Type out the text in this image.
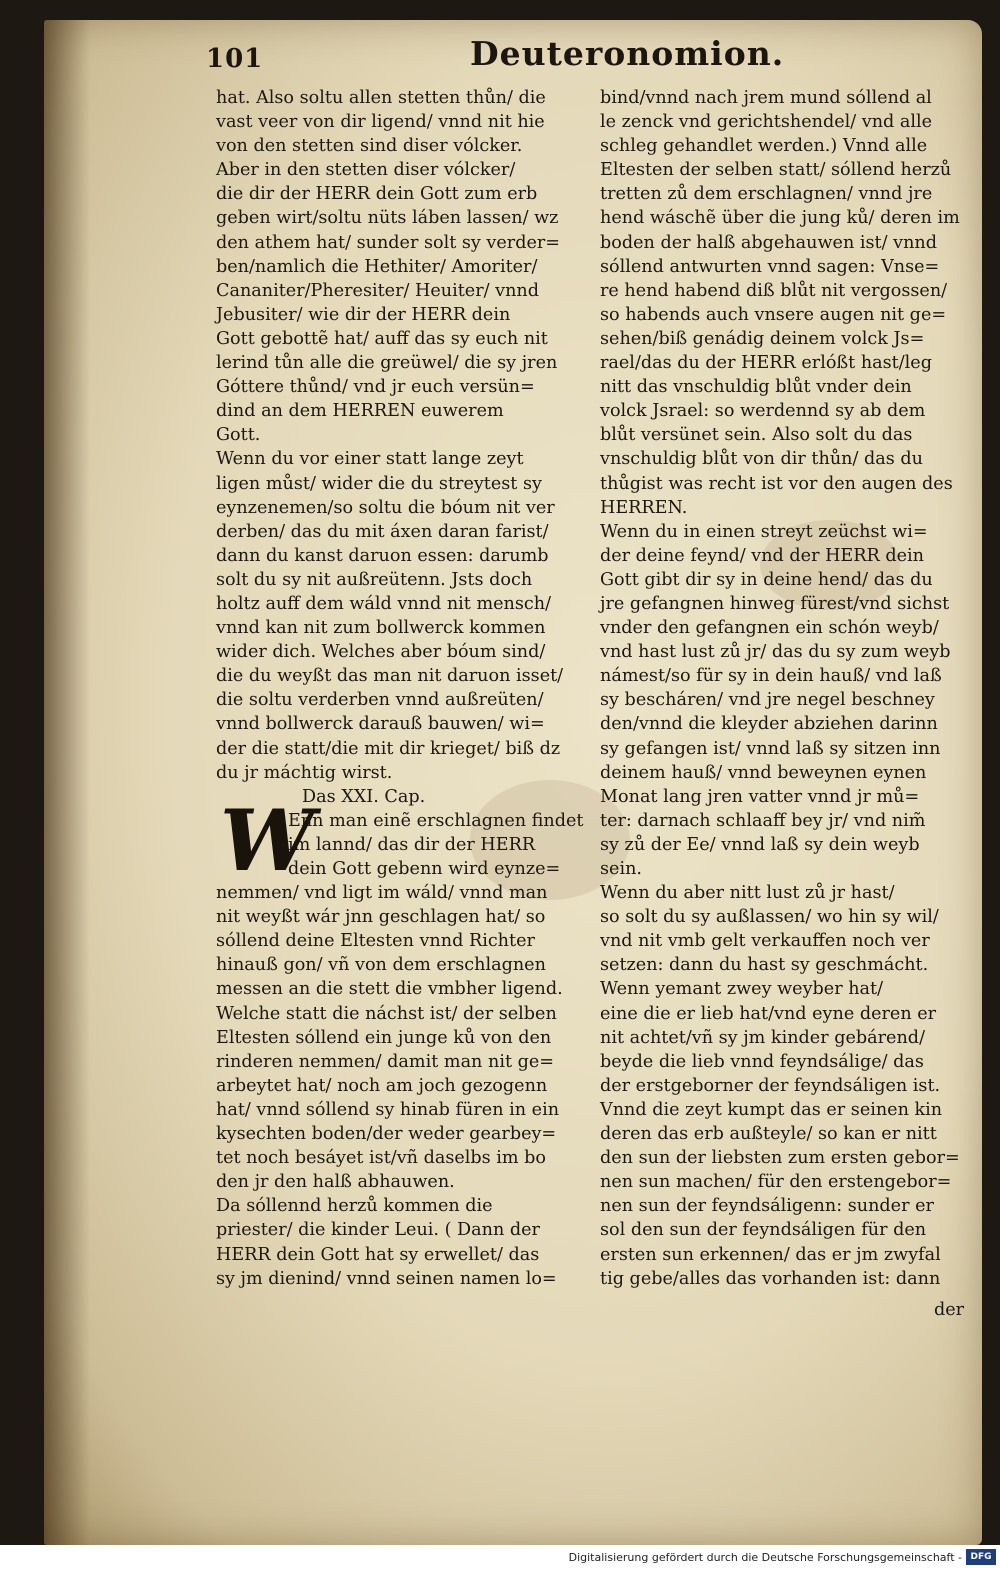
101	Deuteronomion.
hat. Also soltu allen stetten thůn/ die
vast veer von dir ligend/ vnnd nit hie
von den stetten sind diser vólcker.
Aber in den stetten diser vólcker/
die dir der HERR dein Gott zum erb
geben wirt/soltu nüts láben lassen/ wz
den athem hat/ sunder solt sy verder=
ben/namlich die Hethiter/ Amoriter/
Cananiter/Pheresiter/ Heuiter/ vnnd
Jebusiter/ wie dir der HERR dein
Gott gebottẽ hat/ auff das sy euch nit
lerind tůn alle die greüwel/ die sy jren
Góttere thůnd/ vnd jr euch versün=
dind an dem HERREN euwerem
Gott.
Wenn du vor einer statt lange zeyt
ligen můst/ wider die du streytest sy
eynzenemen/so soltu die bóum nit ver
derben/ das du mit áxen daran farist/
dann du kanst daruon essen: darumb
solt du sy nit außreütenn. Jsts doch
holtz auff dem wáld vnnd nit mensch/
vnnd kan nit zum bollwerck kommen
wider dich. Welches aber bóum sind/
die du weyßt das man nit daruon isset/
die soltu verderben vnnd außreüten/
vnnd bollwerck darauß bauwen/ wi=
der die statt/die mit dir krieget/ biß dz
du jr máchtig wirst.
Das XXI. Cap.
Enn man einẽ erschlagnen findet
im lannd/ das dir der HERR
dein Gott gebenn wird eynze=
nemmen/ vnd ligt im wáld/ vnnd man
nit weyßt wár jnn geschlagen hat/ so
sóllend deine Eltesten vnnd Richter
hinauß gon/ vñ von dem erschlagnen
messen an die stett die vmbher ligend.
Welche statt die náchst ist/ der selben
Eltesten sóllend ein junge ků von den
rinderen nemmen/ damit man nit ge=
arbeytet hat/ noch am joch gezogenn
hat/ vnnd sóllend sy hinab füren in ein
kysechten boden/der weder gearbey=
tet noch besáyet ist/vñ daselbs im bo
den jr den halß abhauwen.
Da sóllennd herzů kommen die
priester/ die kinder Leui. ( Dann der
HERR dein Gott hat sy erwellet/ das
sy jm dienind/ vnnd seinen namen lo=
bind/vnnd nach jrem mund sóllend al
le zenck vnd gerichtshendel/ vnd alle
schleg gehandlet werden.) Vnnd alle
Eltesten der selben statt/ sóllend herzů
tretten zů dem erschlagnen/ vnnd jre
hend wáschẽ über die jung ků/ deren im
boden der halß abgehauwen ist/ vnnd
sóllend antwurten vnnd sagen: Vnse=
re hend habend diß blůt nit vergossen/
so habends auch vnsere augen nit ge=
sehen/biß genádig deinem volck Js=
rael/das du der HERR erlóßt hast/leg
nitt das vnschuldig blůt vnder dein
volck Jsrael: so werdennd sy ab dem
blůt versünet sein. Also solt du das
vnschuldig blůt von dir thůn/ das du
thůgist was recht ist vor den augen des
HERREN.
Wenn du in einen streyt zeüchst wi=
der deine feynd/ vnd der HERR dein
Gott gibt dir sy in deine hend/ das du
jre gefangnen hinweg fürest/vnd sichst
vnder den gefangnen ein schón weyb/
vnd hast lust zů jr/ das du sy zum weyb
námest/so für sy in dein hauß/ vnd laß
sy bescháren/ vnd jre negel beschney
den/vnnd die kleyder abziehen darinn
sy gefangen ist/ vnnd laß sy sitzen inn
deinem hauß/ vnnd beweynen eynen
Monat lang jren vatter vnnd jr mů=
ter: darnach schlaaff bey jr/ vnd nim̃
sy zů der Ee/ vnnd laß sy dein weyb
sein.
Wenn du aber nitt lust zů jr hast/
so solt du sy außlassen/ wo hin sy wil/
vnd nit vmb gelt verkauffen noch ver
setzen: dann du hast sy geschmácht.
Wenn yemant zwey weyber hat/
eine die er lieb hat/vnd eyne deren er
nit achtet/vñ sy jm kinder gebárend/
beyde die lieb vnnd feyndsálige/ das
der erstgeborner der feyndsáligen ist.
Vnnd die zeyt kumpt das er seinen kin
deren das erb außteyle/ so kan er nitt
den sun der liebsten zum ersten gebor=
nen sun machen/ für den erstengebor=
nen sun der feyndsáligenn: sunder er
sol den sun der feyndsáligen für den
ersten sun erkennen/ das er jm zwyfal
tig gebe/alles das vorhanden ist: dann
W
der
Digitalisierung gefördert durch die Deutsche Forschungsgemeinschaft - DFG
